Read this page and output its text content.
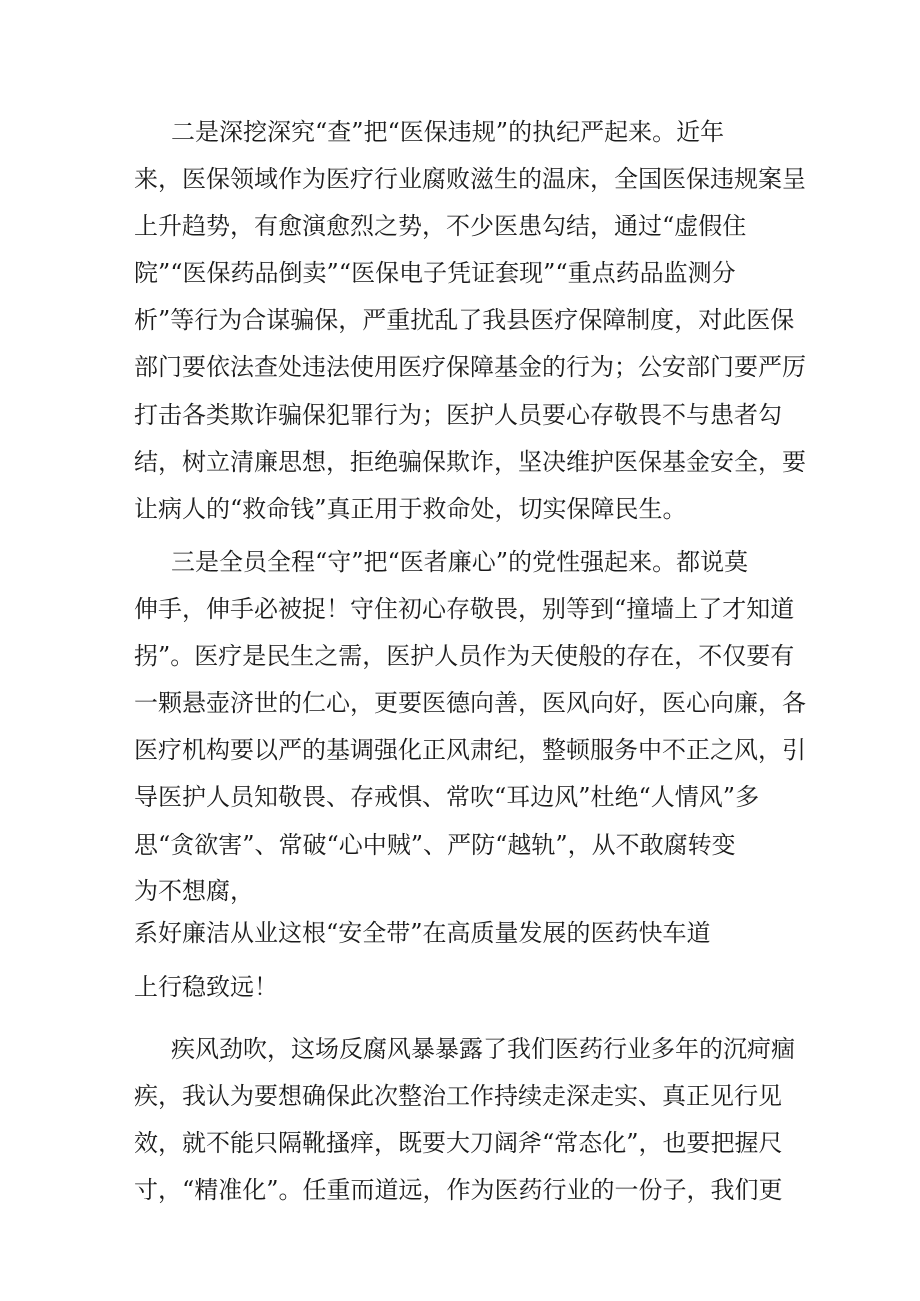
二是深挖深究“查”把“医保违规”的执纪严起来。近年
来，医保领域作为医疗行业腐败滋生的温床，全国医保违规案呈
上升趋势，有愈演愈烈之势，不少医患勾结，通过“虚假住
院”“医保药品倒卖”“医保电子凭证套现”“重点药品监测分
析”等行为合谋骗保，严重扰乱了我县医疗保障制度，对此医保
部门要依法查处违法使用医疗保障基金的行为；公安部门要严厉
打击各类欺诈骗保犯罪行为；医护人员要心存敬畏不与患者勾
结，树立清廉思想，拒绝骗保欺诈，坚决维护医保基金安全，要
让病人的“救命钱”真正用于救命处，切实保障民生。
三是全员全程“守”把“医者廉心”的党性强起来。都说莫
伸手，伸手必被捉！守住初心存敬畏，别等到“撞墙上了才知道
拐”。医疗是民生之需，医护人员作为天使般的存在，不仅要有
一颗悬壶济世的仁心，更要医德向善，医风向好，医心向廉，各
医疗机构要以严的基调强化正风肃纪，整顿服务中不正之风，引
导医护人员知敬畏、存戒惧、常吹“耳边风”杜绝“人情风”多
思“贪欲害”、常破“心中贼”、严防“越轨”，从不敢腐转变
为不想腐，
系好廉洁从业这根“安全带”在高质量发展的医药快车道
上行稳致远！
疾风劲吹，这场反腐风暴暴露了我们医药行业多年的沉疴痼
疾，我认为要想确保此次整治工作持续走深走实、真正见行见
效，就不能只隔靴搔痒，既要大刀阔斧“常态化”，也要把握尺
寸，“精准化”。任重而道远，作为医药行业的一份子，我们更
